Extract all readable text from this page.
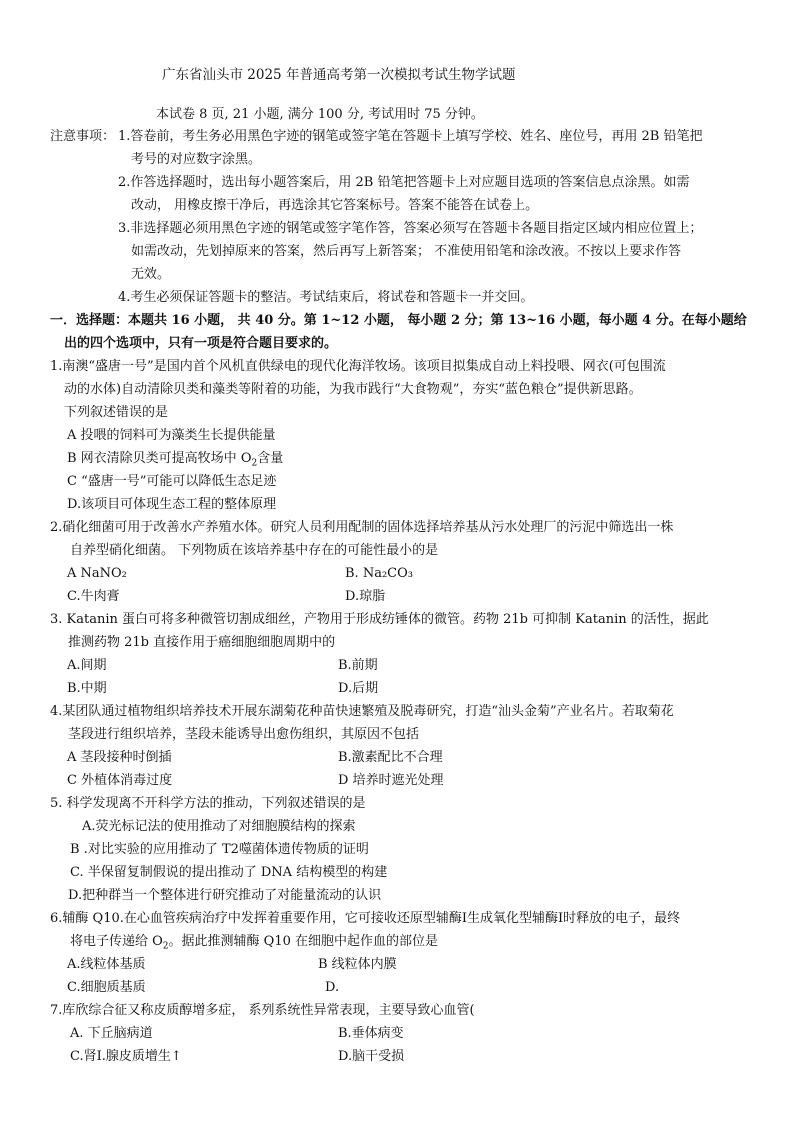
广东省汕头市 2025 年普通高考第一次模拟考试生物学试题
本试卷 8 页, 21 小题, 满分 100 分, 考试用时 75 分钟。
注意事项： 1.答卷前，考生务必用黑色字迹的钢笔或签字笔在答题卡上填写学校、姓名、座位号，再用 2B 铅笔把
考号的对应数字涂黑。
2.作答选择题时，选出每小题答案后，用 2B 铅笔把答题卡上对应题目选项的答案信息点涂黑。如需
改动， 用橡皮擦干净后，再选涂其它答案标号。答案不能答在试卷上。
3.非选择题必须用黑色字迹的钢笔或签字笔作答，答案必须写在答题卡各题目指定区域内相应位置上；
如需改动，先划掉原来的答案，然后再写上新答案； 不准使用铅笔和涂改液。不按以上要求作答
无效。
4.考生必须保证答题卡的整洁。考试结束后，将试卷和答题卡一并交回。
一．选择题：本题共 16 小题， 共 40 分。第 1~12 小题， 每小题 2 分；第 13~16 小题，每小题 4 分。在每小题给
出的四个选项中，只有一项是符合题目要求的。
1.南澳“盛唐一号”是国内首个风机直供绿电的现代化海洋牧场。该项目拟集成自动上料投喂、网衣(可包围流
动的水体)自动清除贝类和藻类等附着的功能，为我市践行“大食物观”，夯实“蓝色粮仓”提供新思路。
下列叙述错误的是
A 投喂的饲料可为藻类生长提供能量
B 网衣清除贝类可提高牧场中 $O_2$含量
C “盛唐一号”可能可以降低生态足迹
D.该项目可体现生态工程的整体原理
2.硝化细菌可用于改善水产养殖水体。研究人员利用配制的固体选择培养基从污水处理厂的污泥中筛选出一株
自养型硝化细菌。 下列物质在该培养基中存在的可能性最小的是
A NaNO₂	B. Na₂CO₃
C.牛肉膏	D.琼脂
3. Katanin 蛋白可将多种微管切割成细丝，产物用于形成纺锤体的微管。药物 21b 可抑制 Katanin 的活性，据此
推测药物 21b 直接作用于癌细胞细胞周期中的
A.间期	B.前期
B.中期	D.后期
4.某团队通过植物组织培养技术开展东湖菊花种苗快速繁殖及脱毒研究，打造“汕头金菊”产业名片。若取菊花
茎段进行组织培养，茎段未能诱导出愈伤组织，其原因不包括
A 茎段接种时倒插	B.激素配比不合理
C 外植体消毒过度	D 培养时遮光处理
5. 科学发现离不开科学方法的推动，下列叙述错误的是
A.荧光标记法的使用推动了对细胞膜结构的探索
B .对比实验的应用推动了 T2噬菌体遗传物质的证明
C. 半保留复制假说的提出推动了 DNA 结构模型的构建
D.把种群当一个整体进行研究推动了对能量流动的认识
6.辅酶 Q10.在心血管疾病治疗中发挥着重要作用，它可接收还原型辅酶Ⅰ生成氧化型辅酶Ⅰ时释放的电子，最终
将电子传递给 $O_2$。据此推测辅酶 Q10 在细胞中起作血的部位是
A.线粒体基质	B 线粒体内膜
C.细胞质基质	D.
7.库欣综合征又称皮质醇增多症， 系列系统性异常表现，主要导致心血管(
A. 下丘脑病道	B.垂体病变
C.肾Ⅰ.腺皮质增生↑	D.脑干受损
